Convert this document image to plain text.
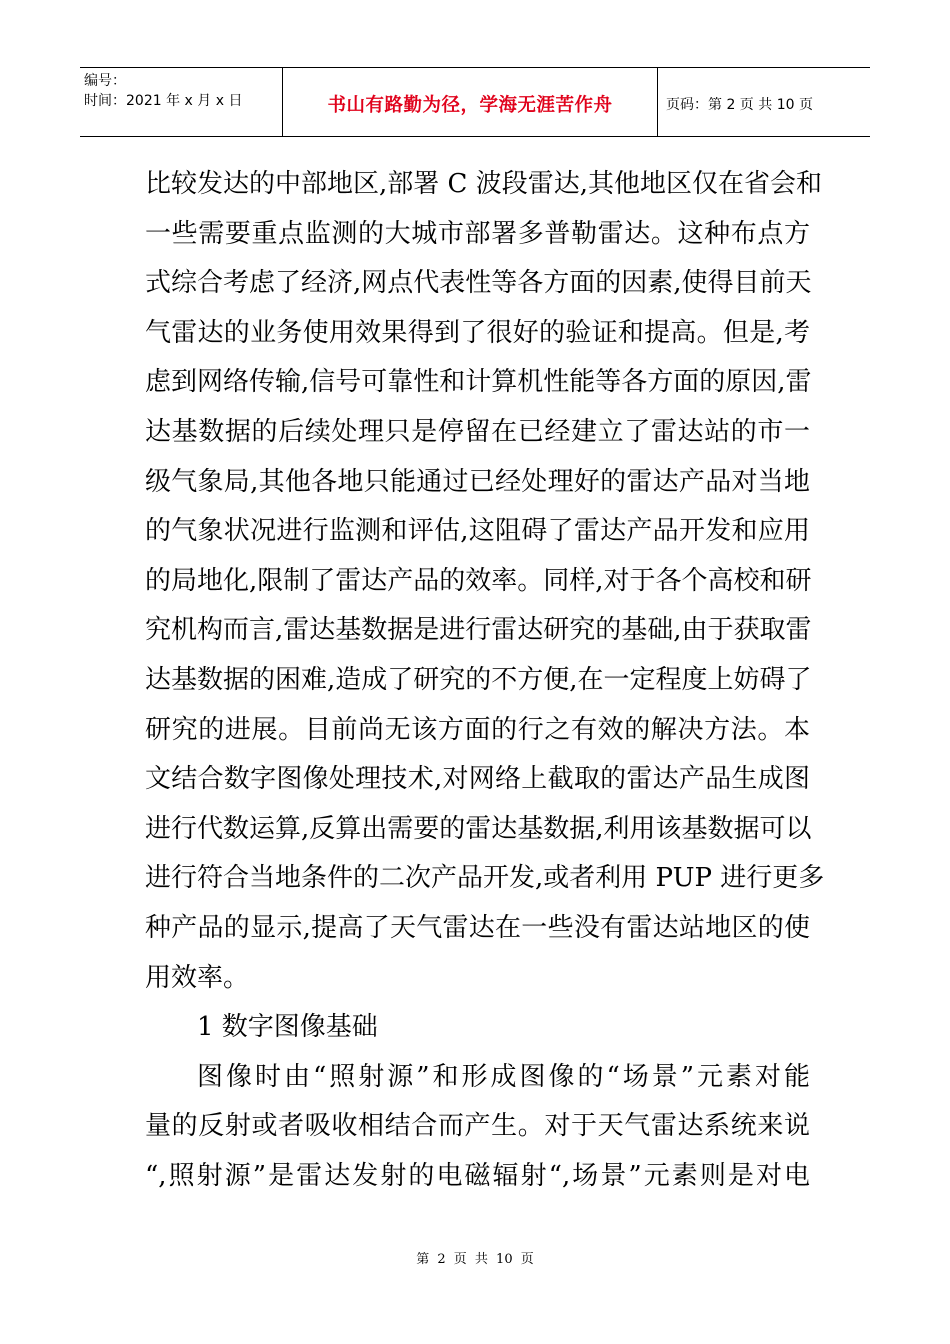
编号：
时间：2021 年 x 月 x 日	书山有路勤为径，学海无涯苦作舟	页码：第 2 页 共 10 页
比较发达的中部地区,部署 C 波段雷达,其他地区仅在省会和
一些需要重点监测的大城市部署多普勒雷达。这种布点方
式综合考虑了经济,网点代表性等各方面的因素,使得目前天
气雷达的业务使用效果得到了很好的验证和提高。但是,考
虑到网络传输,信号可靠性和计算机性能等各方面的原因,雷
达基数据的后续处理只是停留在已经建立了雷达站的市一
级气象局,其他各地只能通过已经处理好的雷达产品对当地
的气象状况进行监测和评估,这阻碍了雷达产品开发和应用
的局地化,限制了雷达产品的效率。同样,对于各个高校和研
究机构而言,雷达基数据是进行雷达研究的基础,由于获取雷
达基数据的困难,造成了研究的不方便,在一定程度上妨碍了
研究的进展。目前尚无该方面的行之有效的解决方法。本
文结合数字图像处理技术,对网络上截取的雷达产品生成图
进行代数运算,反算出需要的雷达基数据,利用该基数据可以
进行符合当地条件的二次产品开发,或者利用 PUP 进行更多
种产品的显示,提高了天气雷达在一些没有雷达站地区的使
用效率。
1 数字图像基础
图像时由“照射源”和形成图像的“场景”元素对能
量的反射或者吸收相结合而产生。对于天气雷达系统来说
“,照射源”是雷达发射的电磁辐射“,场景”元素则是对电
第 2 页 共 10 页
